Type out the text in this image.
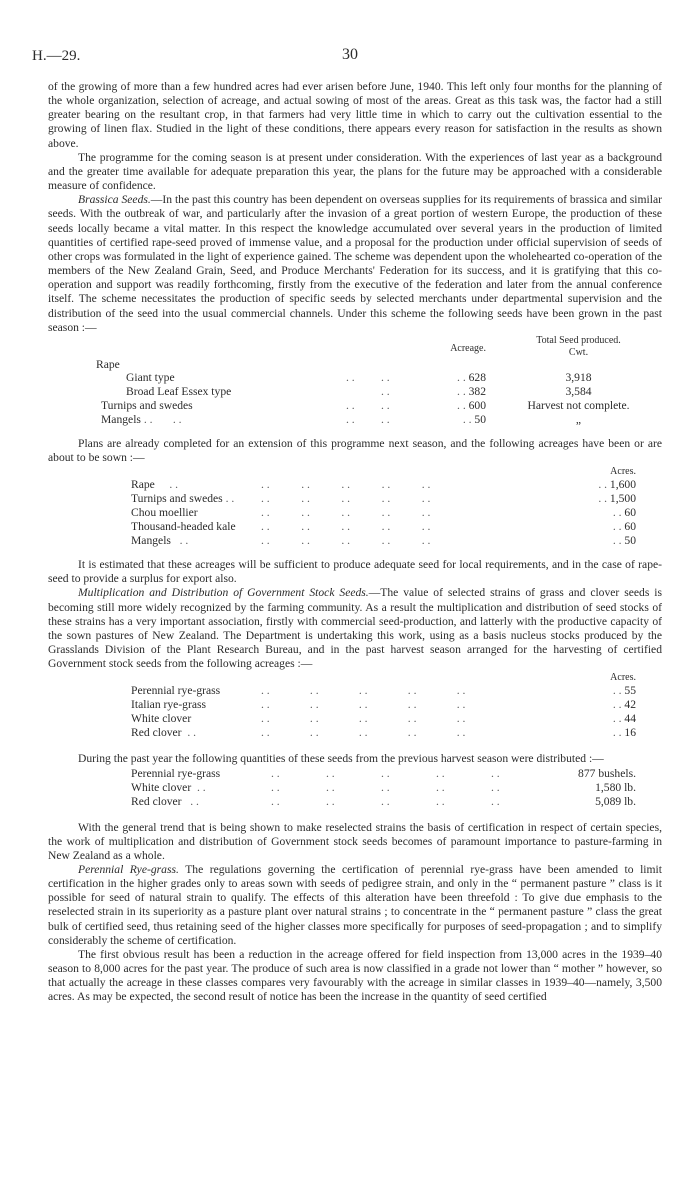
H.—29.	30

of the growing of more than a few hundred acres had ever arisen before June, 1940. This left only four months for the planning of the whole organization, selection of acreage, and actual sowing of most of the areas. Great as this task was, the factor had a still greater bearing on the resultant crop, in that farmers had very little time in which to carry out the cultivation essential to the growing of linen flax. Studied in the light of these conditions, there appears every reason for satisfaction in the results as shown above.

The programme for the coming season is at present under consideration. With the experiences of last year as a background and the greater time available for adequate preparation this year, the plans for the future may be approached with a considerable measure of confidence.

Brassica Seeds.—In the past this country has been dependent on overseas supplies for its requirements of brassica and similar seeds. With the outbreak of war, and particularly after the invasion of a great portion of western Europe, the production of these seeds locally became a vital matter. In this respect the knowledge accumulated over several years in the production of limited quantities of certified rape-seed proved of immense value, and a proposal for the production under official supervision of seeds of other crops was formulated in the light of experience gained. The scheme was dependent upon the wholehearted co-operation of the members of the New Zealand Grain, Seed, and Produce Merchants' Federation for its success, and it is gratifying that this co-operation and support was readily forthcoming, firstly from the executive of the federation and later from the annual conference itself. The scheme necessitates the production of specific seeds by selected merchants under departmental supervision and the distribution of the seed into the usual commercial channels. Under this scheme the following seeds have been grown in the past season :—

			Acreage.	Total Seed produced.
Cwt.

Rape				
Giant type	. .	. .	. . 628	3,918
Broad Leaf Essex type		. .	. . 382	3,584
Turnips and swedes	. .	. .	. . 600	Harvest not complete.
Mangels . .       . .	. .	. .	. . 50	„

Plans are already completed for an extension of this programme next season, and the following acreages have been or are about to be sown :—

Acres.						
Rape     . .	. .	. .	. .	. .	. .	. . 1,600
Turnips and swedes . .	. .	. .	. .	. .	. .	. . 1,500
Chou moellier	. .	. .	. .	. .	. .	. . 60
Thousand-headed kale	. .	. .	. .	. .	. .	. . 60
Mangels   . .	. .	. .	. .	. .	. .	. . 50

It is estimated that these acreages will be sufficient to produce adequate seed for local requirements, and in the case of rape-seed to provide a surplus for export also.

Multiplication and Distribution of Government Stock Seeds.—The value of selected strains of grass and clover seeds is becoming still more widely recognized by the farming community. As a result the multiplication and distribution of seed stocks of these strains has a very important association, firstly with commercial seed-production, and latterly with the productive capacity of the sown pastures of New Zealand. The Department is undertaking this work, using as a basis nucleus stocks produced by the Grasslands Division of the Plant Research Bureau, and in the past harvest season arranged for the harvesting of certified Government stock seeds from the following acreages :—

Acres.						
Perennial rye-grass	. .	. .	. .	. .	. .	. . 55
Italian rye-grass	. .	. .	. .	. .	. .	. . 42
White clover	. .	. .	. .	. .	. .	. . 44
Red clover  . .	. .	. .	. .	. .	. .	. . 16

During the past year the following quantities of these seeds from the previous harvest season were distributed :—

Perennial rye-grass	. .	. .	. .	. .	. .	877 bushels.
White clover  . .	. .	. .	. .	. .	. .	1,580 lb.
Red clover   . .	. .	. .	. .	. .	. .	5,089 lb.

With the general trend that is being shown to make reselected strains the basis of certification in respect of certain species, the work of multiplication and distribution of Government stock seeds becomes of paramount importance to pasture-farming in New Zealand as a whole.

Perennial Rye-grass. The regulations governing the certification of perennial rye-grass have been amended to limit certification in the higher grades only to areas sown with seeds of pedigree strain, and only in the “ permanent pasture ” class is it possible for seed of natural strain to qualify. The effects of this alteration have been threefold : To give due emphasis to the reselected strain in its superiority as a pasture plant over natural strains ; to concentrate in the “ permanent pasture ” class the great bulk of certified seed, thus retaining seed of the higher classes more specifically for purposes of seed-propagation ; and to simplify considerably the scheme of certification.

The first obvious result has been a reduction in the acreage offered for field inspection from 13,000 acres in the 1939–40 season to 8,000 acres for the past year. The produce of such area is now classified in a grade not lower than “ mother ” however, so that actually the acreage in these classes compares very favourably with the acreage in similar classes in 1939–40—namely, 3,500 acres. As may be expected, the second result of notice has been the increase in the quantity of seed certified
